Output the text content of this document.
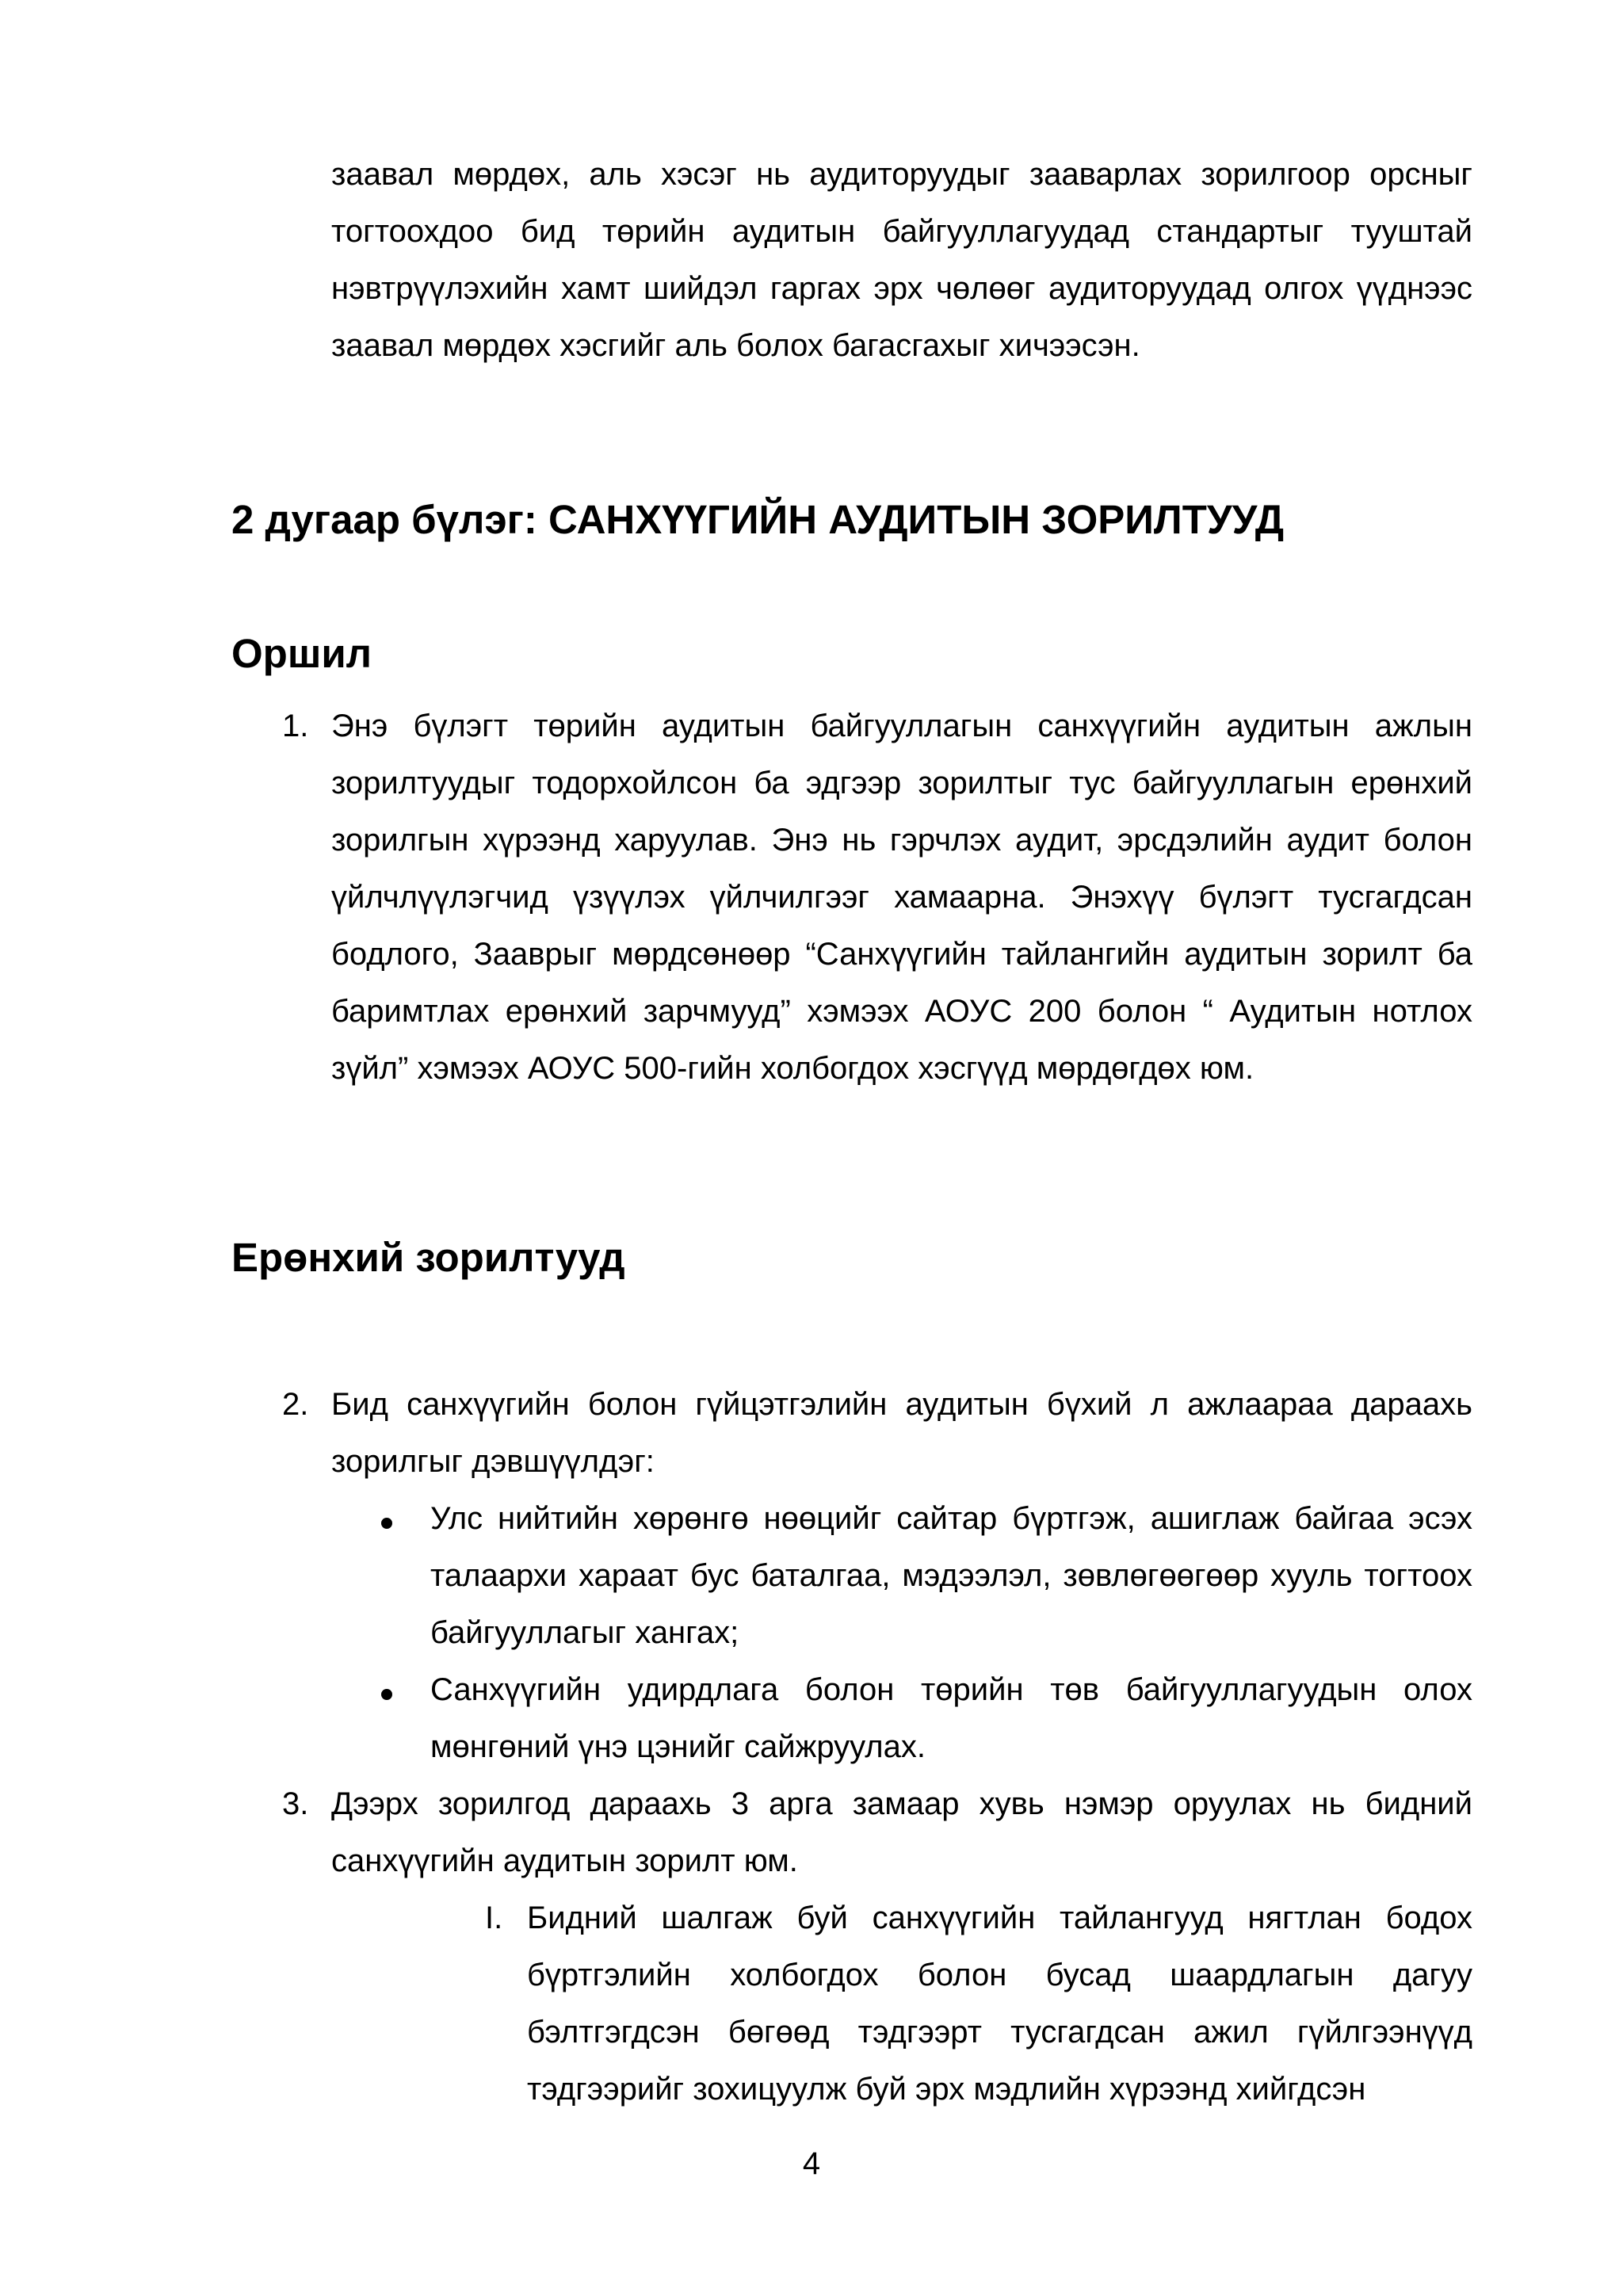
заавал мөрдөх, аль хэсэг нь аудиторуудыг зааварлах зорилгоор орсныг тогтоохдоо бид төрийн аудитын байгууллагуудад стандартыг тууштай нэвтрүүлэхийн хамт шийдэл гаргах эрх чөлөөг аудиторуудад олгох үүднээс заавал мөрдөх хэсгийг аль болох багасгахыг хичээсэн.

2 дугаар бүлэг: САНХҮҮГИЙН АУДИТЫН ЗОРИЛТУУД
Оршил
1. Энэ бүлэгт төрийн аудитын байгууллагын санхүүгийн аудитын ажлын зорилтуудыг тодорхойлсон ба эдгээр зорилтыг тус байгууллагын ерөнхий зорилгын хүрээнд харуулав. Энэ нь гэрчлэх аудит, эрсдэлийн аудит болон үйлчлүүлэгчид үзүүлэх үйлчилгээг хамаарна. Энэхүү бүлэгт тусгагдсан бодлого, Зааврыг мөрдсөнөөр “Санхүүгийн тайлангийн аудитын зорилт ба баримтлах ерөнхий зарчмууд” хэмээх АОУС 200 болон “ Аудитын нотлох зүйл” хэмээх АОУС 500-гийн холбогдох хэсгүүд мөрдөгдөх юм.

Ерөнхий зорилтууд
2. Бид санхүүгийн болон гүйцэтгэлийн аудитын бүхий л ажлаараа дараахь зорилгыг дэвшүүлдэг:

Улс нийтийн хөрөнгө нөөцийг сайтар бүртгэж, ашиглаж байгаа эсэх талаархи хараат бус баталгаа, мэдээлэл, зөвлөгөөгөөр хууль тогтоох байгууллагыг хангах;

Санхүүгийн удирдлага болон төрийн төв байгууллагуудын олох мөнгөний үнэ цэнийг сайжруулах.

3. Дээрх зорилгод дараахь 3 арга замаар хувь нэмэр оруулах нь бидний санхүүгийн аудитын зорилт юм.

I. Бидний шалгаж буй санхүүгийн тайлангууд нягтлан бодох бүртгэлийн холбогдох болон бусад шаардлагын дагуу бэлтгэгдсэн бөгөөд тэдгээрт тусгагдсан ажил гүйлгээнүүд тэдгээрийг зохицуулж буй эрх мэдлийн хүрээнд хийгдсэн

4
